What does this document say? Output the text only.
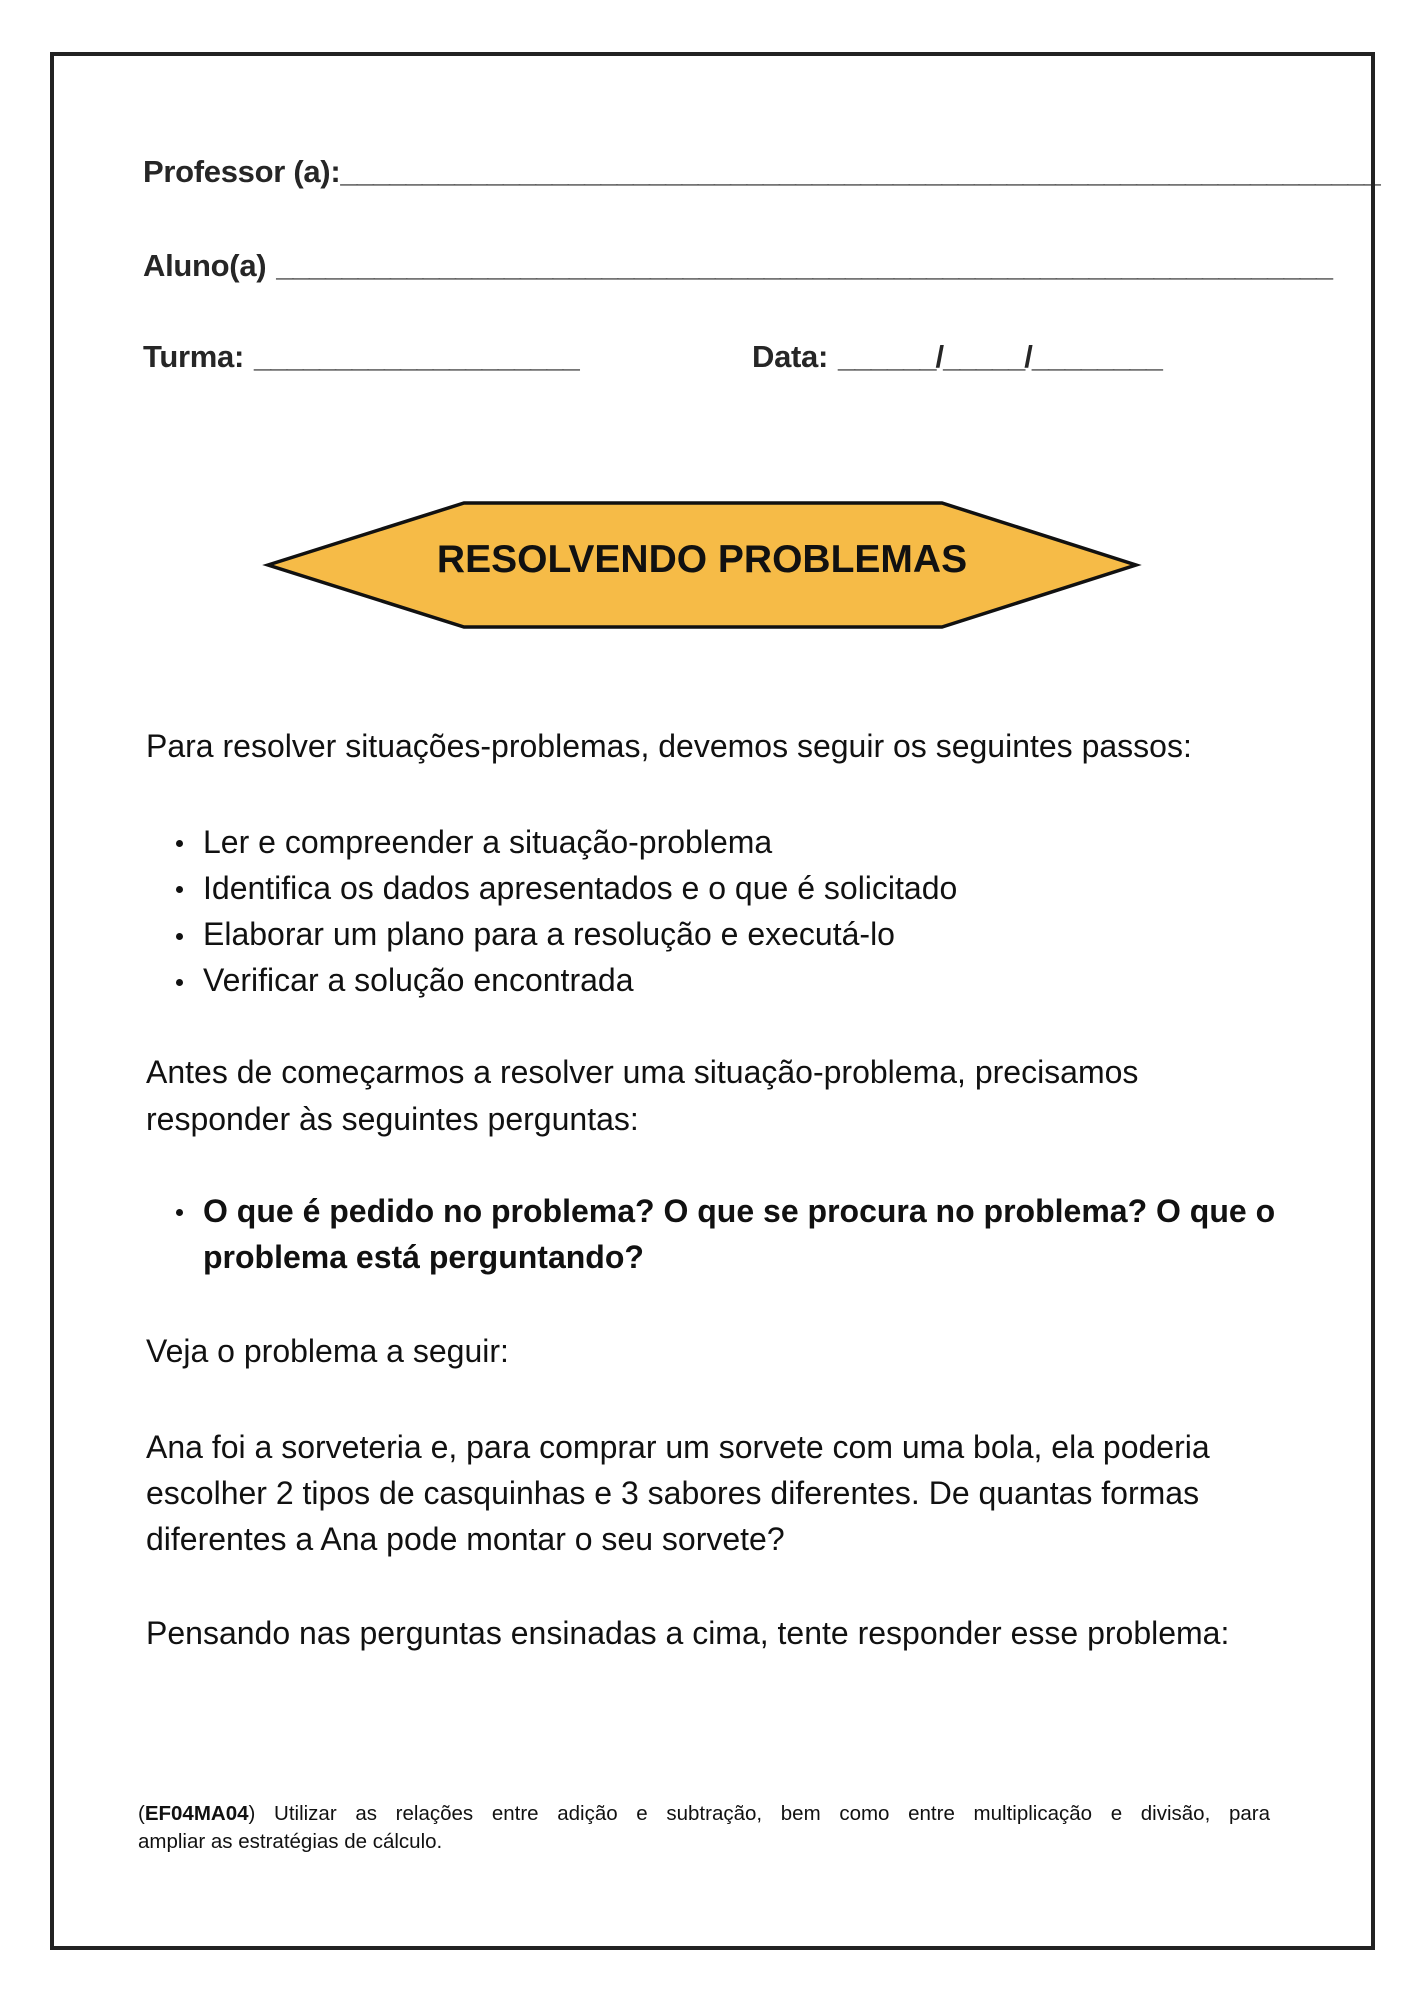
Professor (a):________________________________________________________________
Aluno(a) _________________________________________________________________
Turma: ____________________	Data: ______/_____/________
RESOLVENDO PROBLEMAS
Para resolver situações-problemas, devemos seguir os seguintes passos:
Ler e compreender a situação-problema
Identifica os dados apresentados e o que é solicitado
Elaborar um plano para a resolução e executá-lo
Verificar a solução encontrada
Antes de começarmos a resolver uma situação-problema, precisamos
responder às seguintes perguntas:
O que é pedido no problema? O que se procura no problema? O que o
problema está perguntando?
Veja o problema a seguir:
Ana foi a sorveteria e, para comprar um sorvete com uma bola, ela poderia
escolher 2 tipos de casquinhas e 3 sabores diferentes. De quantas formas
diferentes a Ana pode montar o seu sorvete?
Pensando nas perguntas ensinadas a cima, tente responder esse problema:
(EF04MA04) Utilizar as relações entre adição e subtração, bem como entre multiplicação e divisão, para
ampliar as estratégias de cálculo.
